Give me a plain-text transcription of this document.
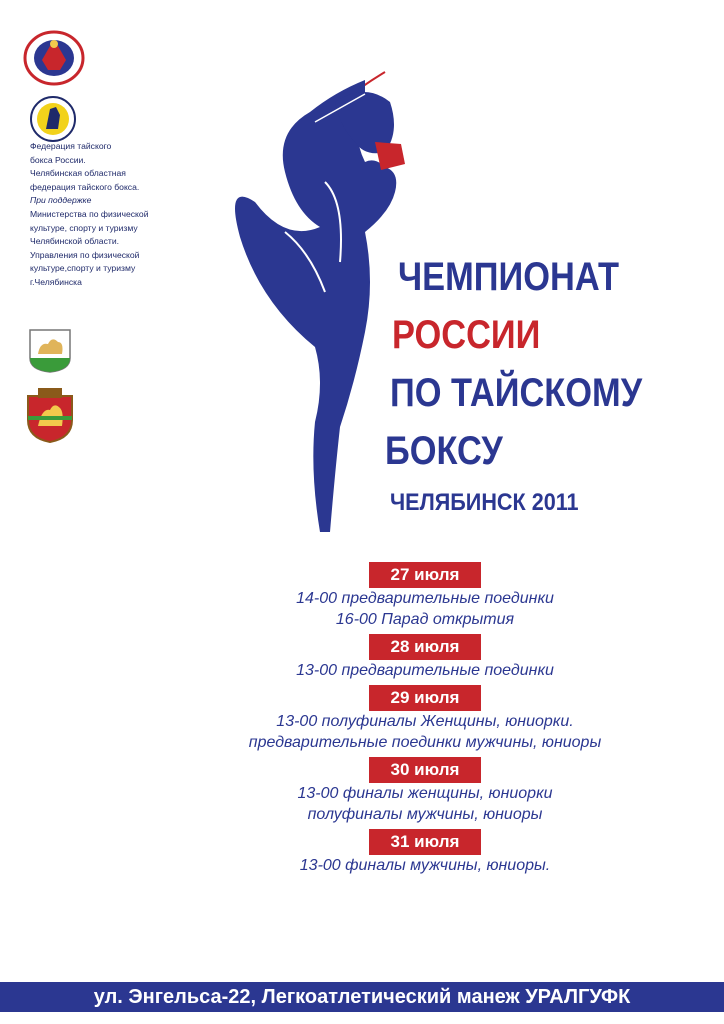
Федерация тайского
бокса России.
Челябинская областная
федерация тайского бокса.
При поддержке
Министерства по физической
культуре, спорту и туризму
Челябинской области.
Управления по физической
культуре,спорту и туризму
г.Челябинска	ЧЕМПИОНАТ
РОССИИ
ПО ТАЙСКОМУ
БОКСУ
ЧЕЛЯБИНСК 2011
27 июля
14-00 предварительные поединки
16-00 Парад открытия
28 июля
13-00 предварительные поединки
29 июля
13-00 полуфиналы Женщины, юниорки.
предварительные поединки мужчины, юниоры
30 июля
13-00 финалы женщины, юниорки
полуфиналы мужчины, юниоры
31 июля
13-00 финалы мужчины, юниоры.
ул. Энгельса-22, Легкоатлетический манеж УРАЛГУФК
